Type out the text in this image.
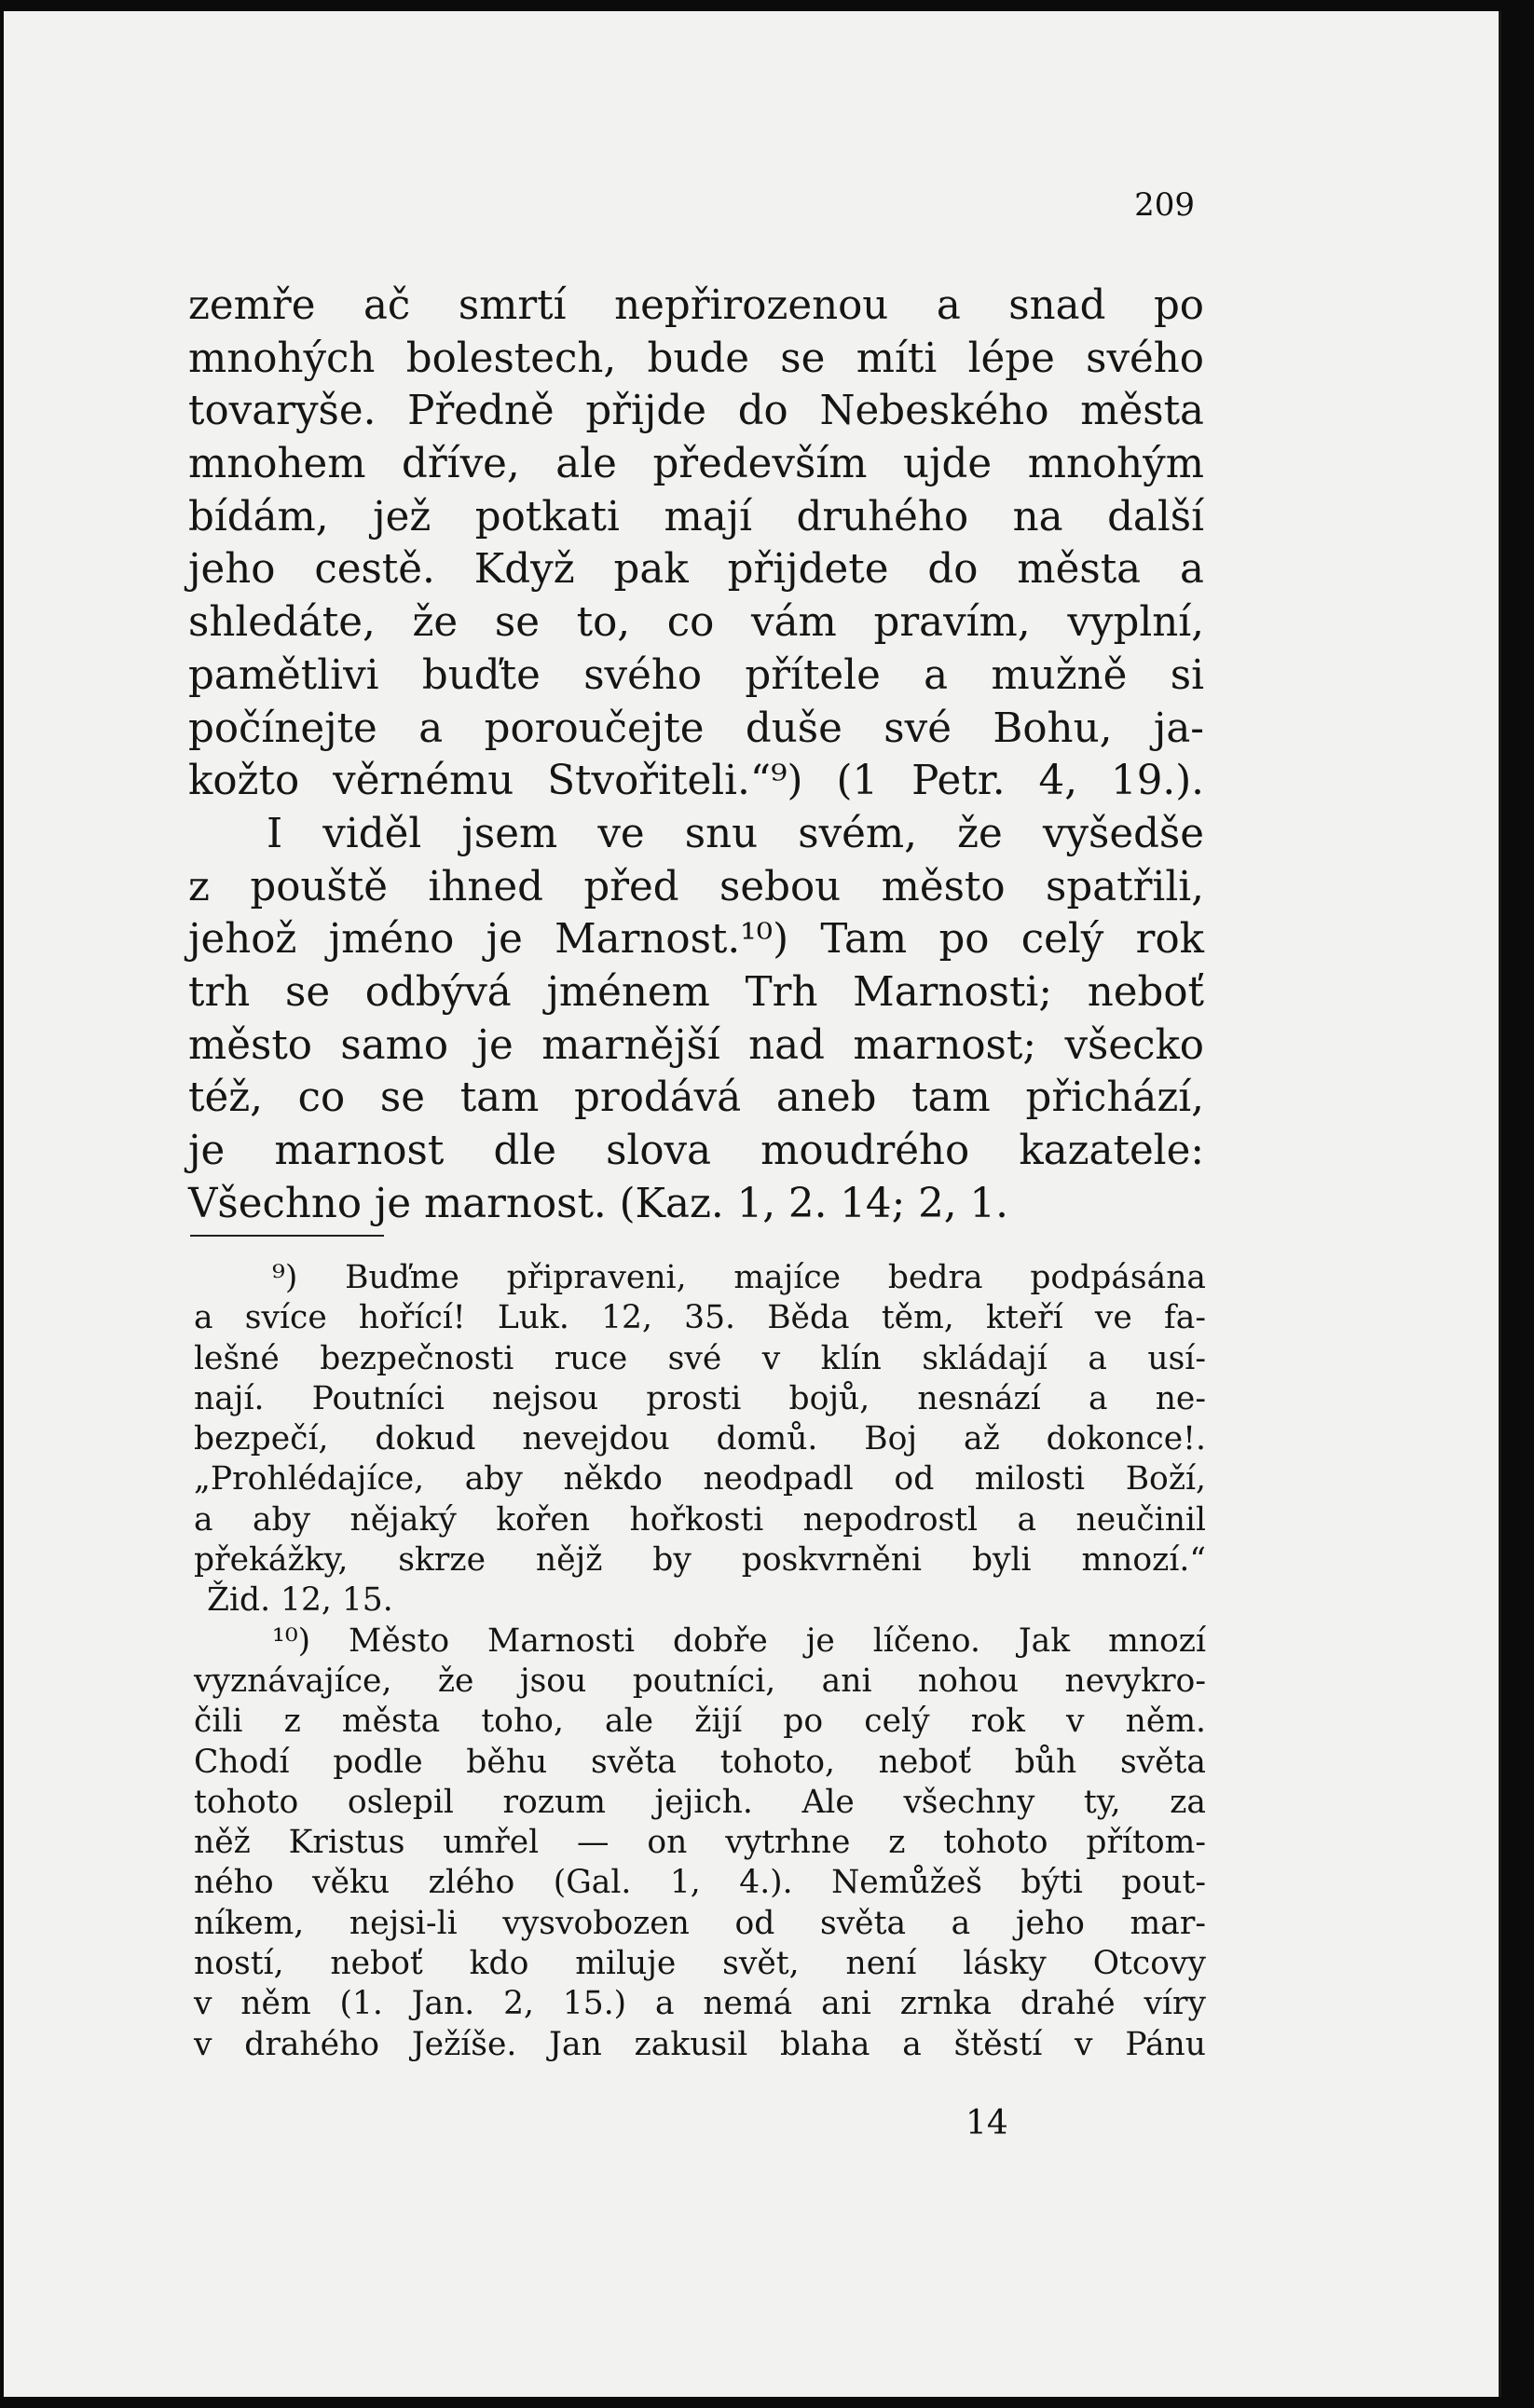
209
zemře ač smrtí nepřirozenou a snad po
mnohých bolestech, bude se míti lépe svého
tovaryše. Předně přijde do Nebeského města
mnohem dříve, ale především ujde mnohým
bídám, jež potkati mají druhého na další
jeho cestě. Když pak přijdete do města a
shledáte, že se to, co vám pravím, vyplní,
pamětlivi buďte svého přítele a mužně si
počínejte a poroučejte duše své Bohu, ja-
kožto věrnému Stvořiteli.“⁹) (1 Petr. 4, 19.).
I viděl jsem ve snu svém, že vyšedše
z pouště ihned před sebou město spatřili,
jehož jméno je Marnost.¹⁰) Tam po celý rok
trh se odbývá jménem Trh Marnosti; neboť
město samo je marnější nad marnost; všecko
též, co se tam prodává aneb tam přichází,
je marnost dle slova moudrého kazatele:
Všechno je marnost. (Kaz. 1, 2. 14; 2, 1.
⁹) Buďme připraveni, majíce bedra podpásána
a svíce hořící! Luk. 12, 35. Běda těm, kteří ve fa-
lešné bezpečnosti ruce své v klín skládají a usí-
nají. Poutníci nejsou prosti bojů, nesnází a ne-
bezpečí, dokud nevejdou domů. Boj až dokonce!.
„Prohlédajíce, aby někdo neodpadl od milosti Boží,
a aby nějaký kořen hořkosti nepodrostl a neučinil
překážky, skrze nějž by poskvrněni byli mnozí.“
Žid. 12, 15.
¹⁰) Město Marnosti dobře je líčeno. Jak mnozí
vyznávajíce, že jsou poutníci, ani nohou nevykro-
čili z města toho, ale žijí po celý rok v něm.
Chodí podle běhu světa tohoto, neboť bůh světa
tohoto oslepil rozum jejich. Ale všechny ty, za
něž Kristus umřel — on vytrhne z tohoto přítom-
ného věku zlého (Gal. 1, 4.). Nemůžeš býti pout-
níkem, nejsi-li vysvobozen od světa a jeho mar-
ností, neboť kdo miluje svět, není lásky Otcovy
v něm (1. Jan. 2, 15.) a nemá ani zrnka drahé víry
v drahého Ježíše. Jan zakusil blaha a štěstí v Pánu
14
